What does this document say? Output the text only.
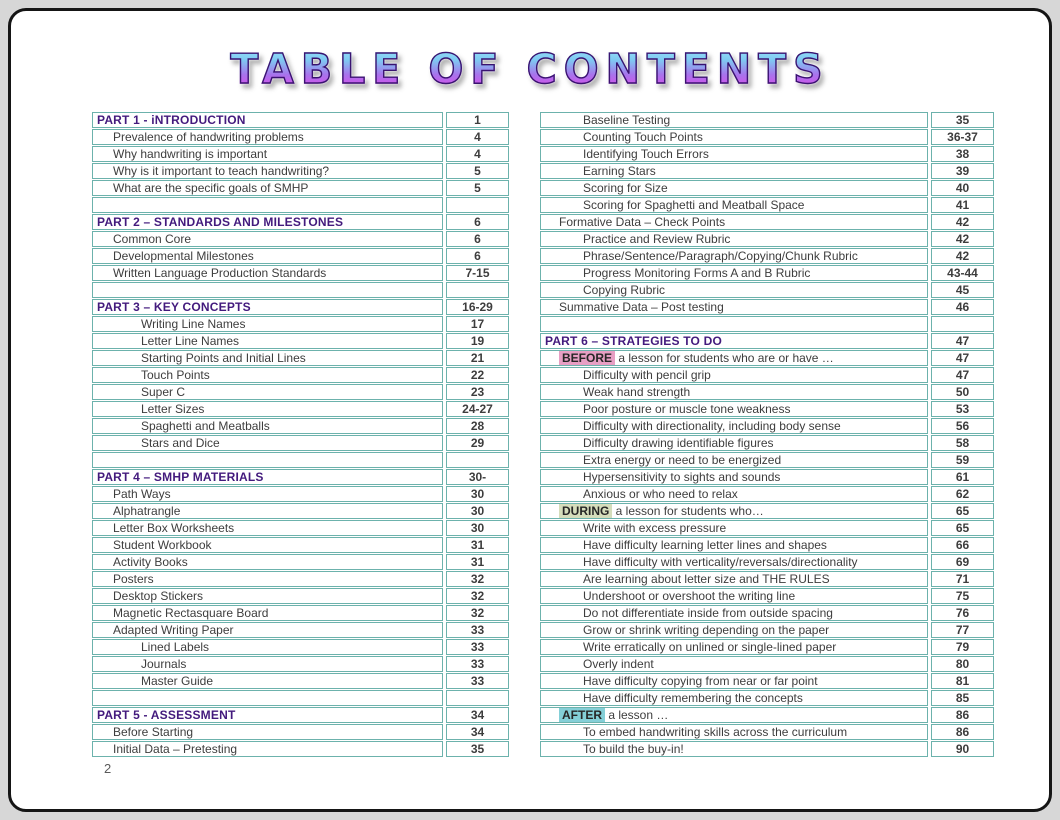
TABLE OF CONTENTS
PART 1 - iNTRODUCTION	1
Prevalence of handwriting problems	4
Why handwriting is important	4
Why is it important to teach handwriting?	5
What are the specific goals of SMHP	5

PART 2 – STANDARDS AND MILESTONES	6
Common Core	6
Developmental Milestones	6
Written Language Production Standards	7-15

PART 3 – KEY CONCEPTS	16-29
Writing Line Names	17
Letter Line Names	19
Starting Points and Initial Lines	21
Touch Points	22
Super C	23
Letter Sizes	24-27
Spaghetti and Meatballs	28
Stars and Dice	29

PART 4 – SMHP MATERIALS	30-
Path Ways	30
Alphatrangle	30
Letter Box Worksheets	30
Student Workbook	31
Activity Books	31
Posters	32
Desktop Stickers	32
Magnetic Rectasquare Board	32
Adapted Writing Paper	33
Lined Labels	33
Journals	33
Master Guide	33

PART 5 - ASSESSMENT	34
Before Starting	34
Initial Data – Pretesting	35
Baseline Testing	35
Counting Touch Points	36-37
Identifying Touch Errors	38
Earning Stars	39
Scoring for Size	40
Scoring for Spaghetti and Meatball Space	41
Formative Data – Check Points	42
Practice and Review Rubric	42
Phrase/Sentence/Paragraph/Copying/Chunk Rubric	42
Progress Monitoring Forms A and B Rubric	43-44
Copying Rubric	45
Summative Data – Post testing	46

PART 6 – STRATEGIES TO DO	47
BEFORE a lesson for students who are or have …	47
Difficulty with pencil grip	47
Weak hand strength	50
Poor posture or muscle tone weakness	53
Difficulty with directionality, including body sense	56
Difficulty drawing identifiable figures	58
Extra energy or need to be energized	59
Hypersensitivity to sights and sounds	61
Anxious or who need to relax	62
DURING a lesson for students who…	65
Write with excess pressure	65
Have difficulty learning letter lines and shapes	66
Have difficulty with verticality/reversals/directionality	69
Are learning about letter size and THE RULES	71
Undershoot or overshoot the writing line	75
Do not differentiate inside from outside spacing	76
Grow or shrink writing depending on the paper	77
Write erratically on unlined or single-lined paper	79
Overly indent	80
Have difficulty copying from near or far point	81
Have difficulty remembering the concepts	85
AFTER a lesson …	86
To embed handwriting skills across the curriculum	86
To build the buy-in!	90
2
